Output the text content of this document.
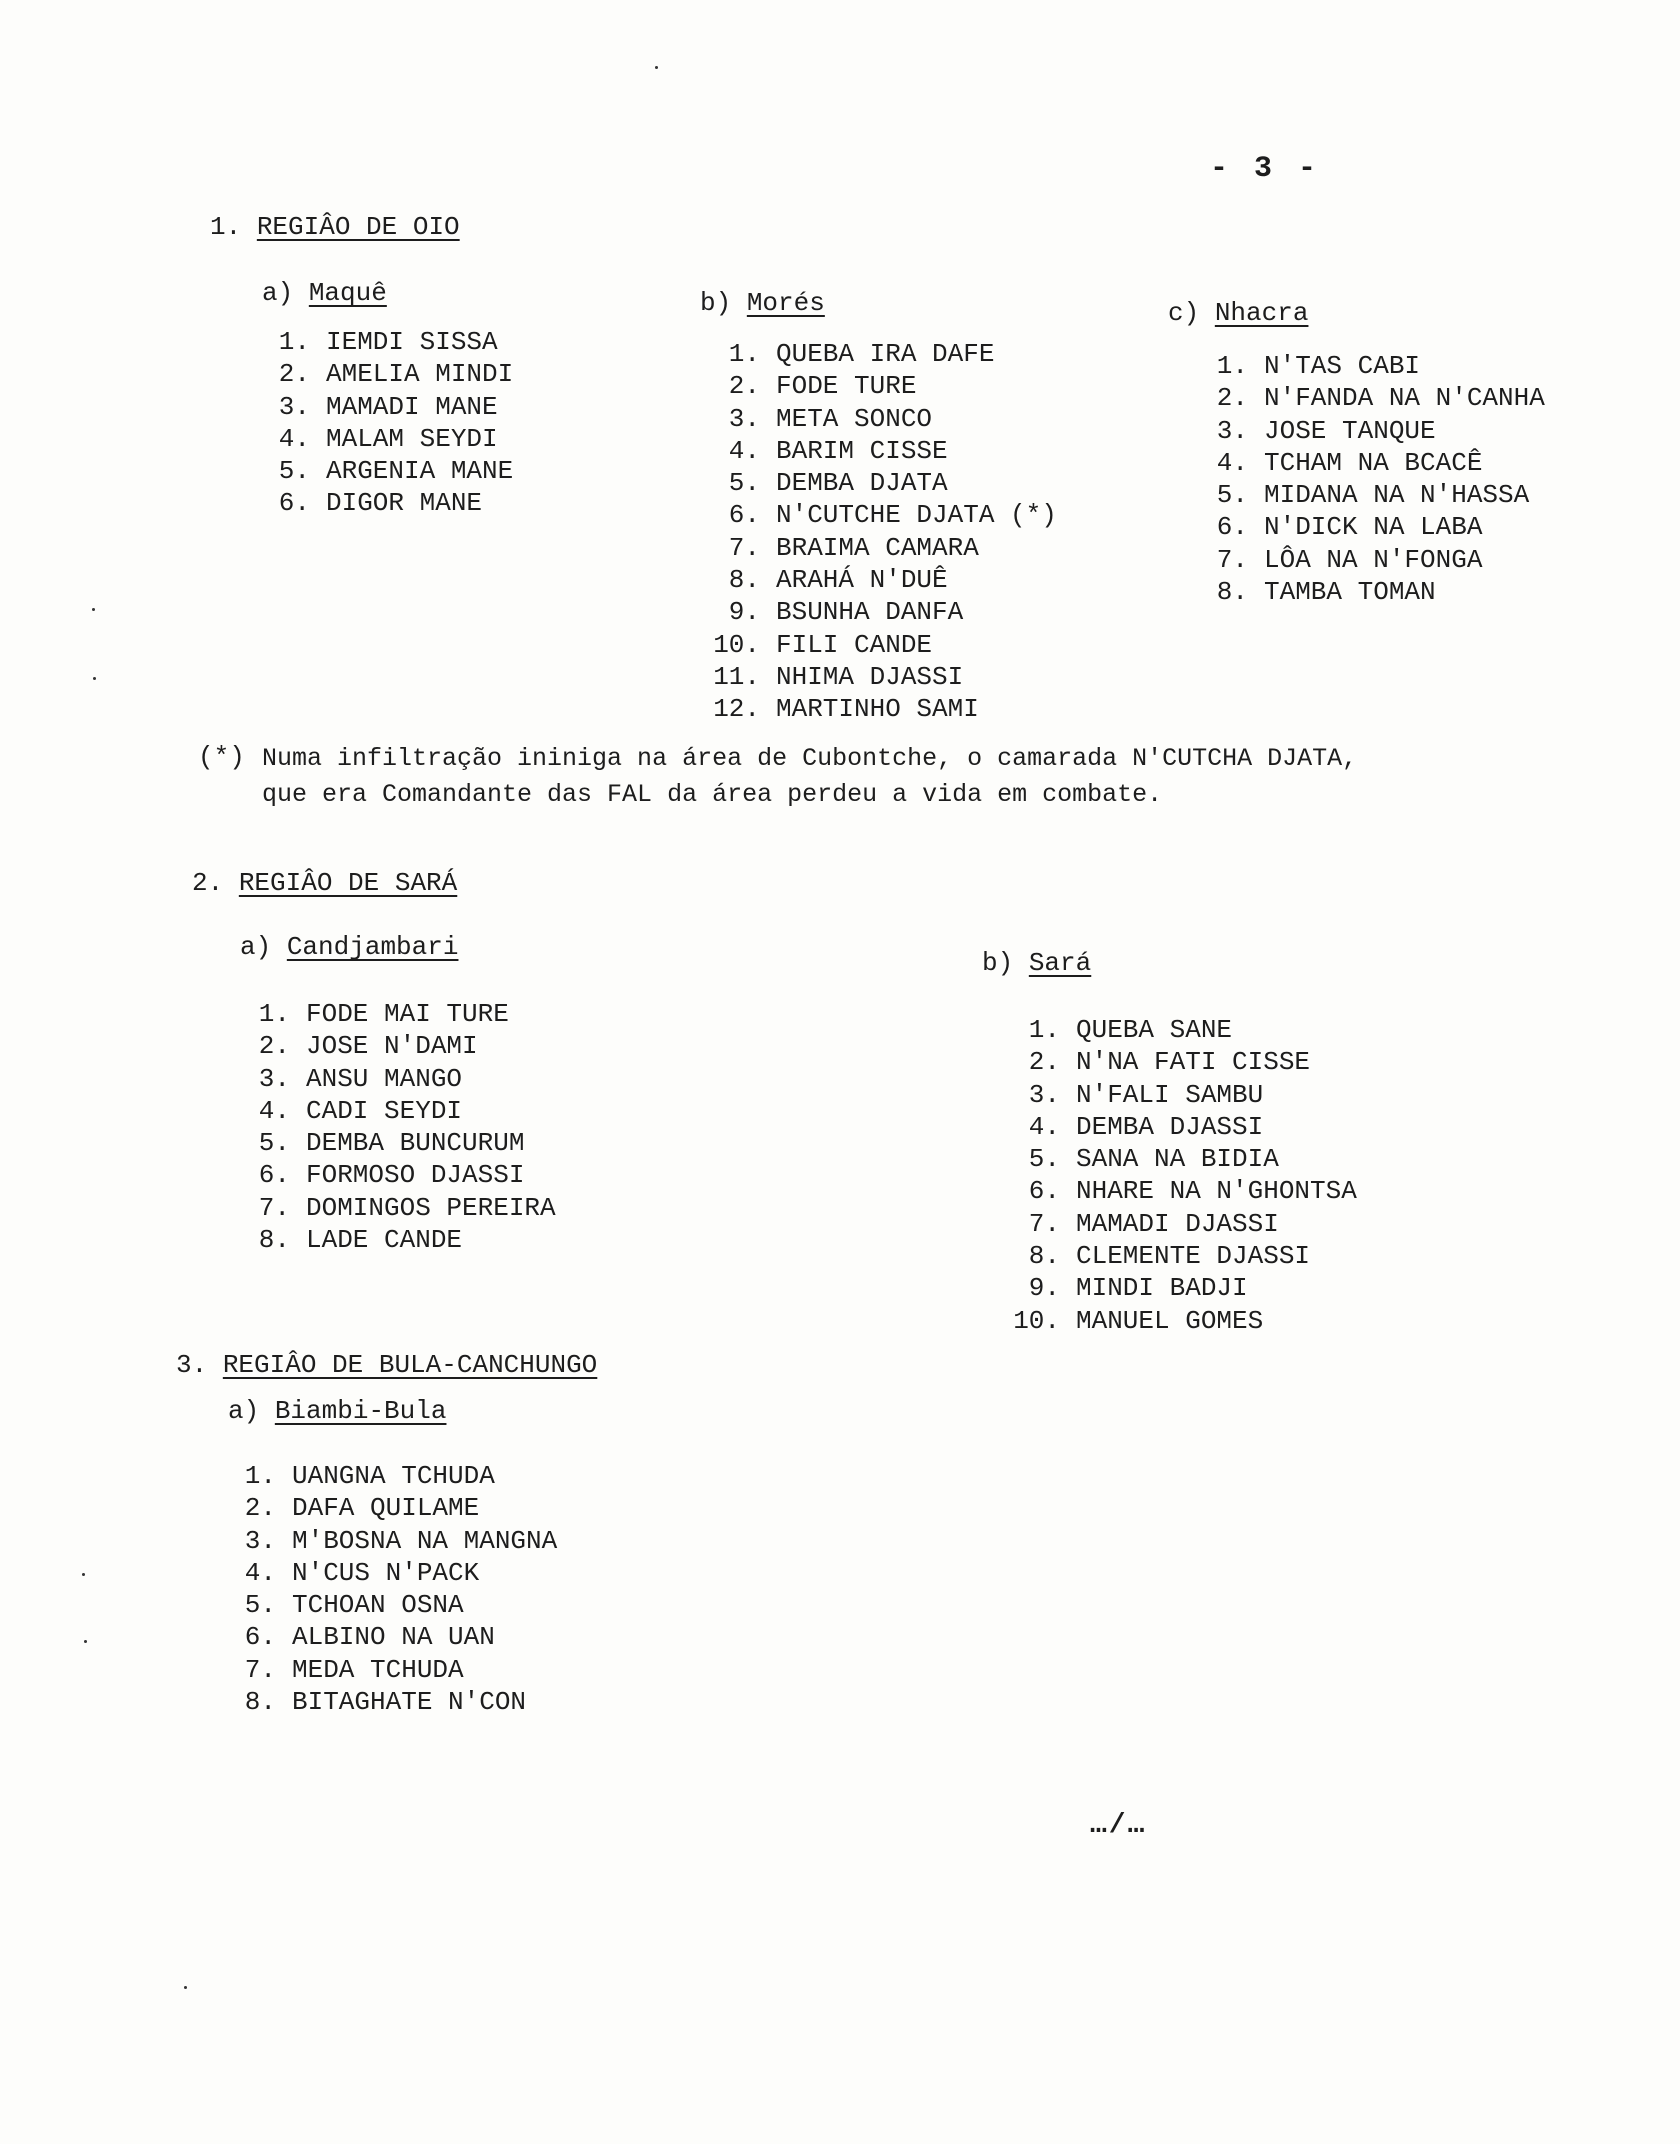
- 3 -
1. REGIÂO DE OIO
a) Maquê
1. IEMDI SISSA
2. AMELIA MINDI
3. MAMADI MANE
4. MALAM SEYDI
5. ARGENIA MANE
6. DIGOR MANE
b) Morés
1. QUEBA IRA DAFE
2. FODE TURE
3. META SONCO
4. BARIM CISSE
5. DEMBA DJATA
6. N'CUTCHE DJATA (*)
7. BRAIMA CAMARA
8. ARAHÁ N'DUÊ
9. BSUNHA DANFA
10. FILI CANDE
11. NHIMA DJASSI
12. MARTINHO SAMI
c) Nhacra
1. N'TAS CABI
2. N'FANDA NA N'CANHA
3. JOSE TANQUE
4. TCHAM NA BCACÊ
5. MIDANA NA N'HASSA
6. N'DICK NA LABA
7. LÔA NA N'FONGA
8. TAMBA TOMAN
(*) Numa infiltração ininiga na área de Cubontche, o camarada N'CUTCHA DJATA,
que era Comandante das FAL da área perdeu a vida em combate.
2. REGIÂO DE SARÁ
a) Candjambari
1. FODE MAI TURE
2. JOSE N'DAMI
3. ANSU MANGO
4. CADI SEYDI
5. DEMBA BUNCURUM
6. FORMOSO DJASSI
7. DOMINGOS PEREIRA
8. LADE CANDE
b) Sará
1. QUEBA SANE
2. N'NA FATI CISSE
3. N'FALI SAMBU
4. DEMBA DJASSI
5. SANA NA BIDIA
6. NHARE NA N'GHONTSA
7. MAMADI DJASSI
8. CLEMENTE DJASSI
9. MINDI BADJI
10. MANUEL GOMES
3. REGIÂO DE BULA-CANCHUNGO
a) Biambi-Bula
1. UANGNA TCHUDA
2. DAFA QUILAME
3. M'BOSNA NA MANGNA
4. N'CUS N'PACK
5. TCHOAN OSNA
6. ALBINO NA UAN
7. MEDA TCHUDA
8. BITAGHATE N'CON
…/…
